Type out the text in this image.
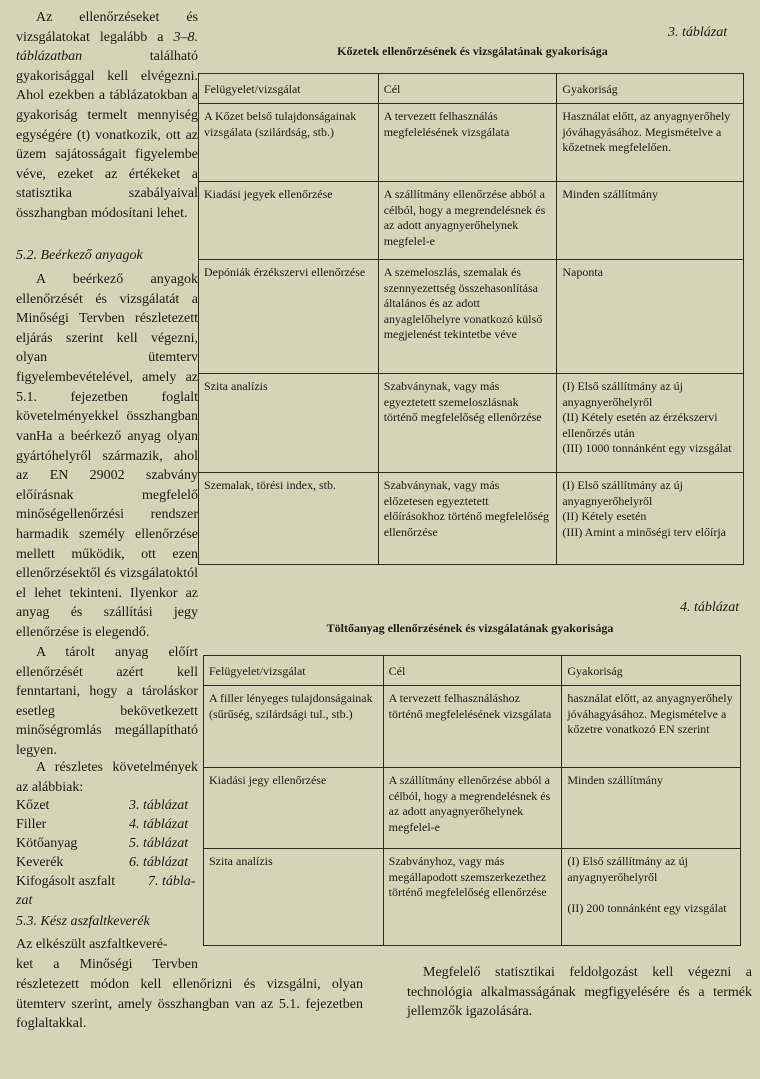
Az ellenőrzéseket és vizsgálatokat legalább a 3–8. táblázatban található gyakorisággal kell elvégezni. Ahol ezekben a táblázatokban a gyakoriság termelt mennyiség egységére (t) vonatkozik, ott az üzem sajátosságait figyelembe véve, ezeket az értékeket a statisztika szabályaival összhangban módosítani lehet.

5.2. Beérkező anyagok

A beérkező anyagok ellenőrzését és vizsgálatát a Minőségi Tervben részletezett eljárás szerint kell végezni, olyan ütemterv figyelembevételével, amely az 5.1. fejezetben foglalt követelményekkel összhangban van.

Ha a beérkező anyag olyan gyártóhelyről származik, ahol az EN 29002 szabvány előírásnak megfelelő minőségellenőrzési rendszer harmadik személy ellenőrzése mellett működik, ott ezen ellenőrzésektől és vizsgálatoktól el lehet tekinteni. Ilyenkor az anyag és szállítási jegy ellenőrzése is elegendő.

A tárolt anyag előírt ellenőrzését azért kell fenntartani, hogy a tároláskor esetleg bekövetkezett minőségromlás megállapítható legyen.

A részletes követelmények az alábbiak:

Kőzet	3. táblázat
Filler	4. táblázat
Kötőanyag	5. táblázat
Keverék	6. táblázat
Kifogásolt aszfalt 7. tábla-
zat

5.3. Kész aszfaltkeverék

Az elkészült aszfaltkeveré-

ket a Minőségi Tervben

részletezett módon kell ellenőrizni és vizsgálni, olyan ütemterv szerint, amely összhangban van az 5.1. fejezetben foglaltakkal.

3. táblázat
Kőzetek ellenőrzésének és vizsgálatának gyakorisága
Felügyelet/vizsgálat	Cél	Gyakoriság
A Kőzet belső tulajdonságainak vizsgálata (szilárdság, stb.)	A tervezett felhasználás megfelelésének vizsgálata	Használat előtt, az anyagnyerőhely jóváhagyásához. Megismételve a kőzetnek megfelelően.
Kiadási jegyek ellenőrzése	A szállítmány ellenőrzése abból a célból, hogy a megrendelésnek és az adott anyagnyerőhelynek megfelel-e	Minden szállítmány
Depóniák érzékszervi ellenőrzése	A szemeloszlás, szemalak és szennyezettség összehasonlítása általános és az adott anyaglelőhelyre vonatkozó külső megjelenést tekintetbe véve	Naponta
Szita analízis	Szabványnak, vagy más egyeztetett szemeloszlásnak történő megfelelőség ellenőrzése	(I) Első szállítmány az új anyagnyerőhelyről
(II) Kétely esetén az érzékszervi ellenőrzés után
(III) 1000 tonnánként egy vizsgálat
Szemalak, törési index, stb.	Szabványnak, vagy más előzetesen egyeztetett előírásokhoz történő megfelelőség ellenőrzése	(I) Első szállítmány az új anyagnyerőhelyről
(II) Kétely esetén
(III) Amint a minőségi terv előírja
4. táblázat
Töltőanyag ellenőrzésének és vizsgálatának gyakorisága
Felügyelet/vizsgálat	Cél	Gyakoriság
A filler lényeges tulajdonságainak (sűrűség, szilárdsági tul., stb.)	A tervezett felhasználáshoz történő megfelelésének vizsgálata	használat előtt, az anyagnyerőhely jóváhagyásához. Megismételve a kőzetre vonatkozó EN szerint
Kiadási jegy ellenőrzése	A szállítmány ellenőrzése abból a célból, hogy a megrendelésnek és az adott anyagnyerőhelynek megfelel-e	Minden szállítmány
Szita analízis	Szabványhoz, vagy más megállapodott szemszerkezethez történő megfelelőség ellenőrzése	(I) Első szállítmány az új anyagnyerőhelyről

(II) 200 tonnánként egy vizsgálat

Megfelelő statisztikai feldolgozást kell végezni a technológia alkalmasságának megfigyelésére és a termék jellemzők igazolására.
